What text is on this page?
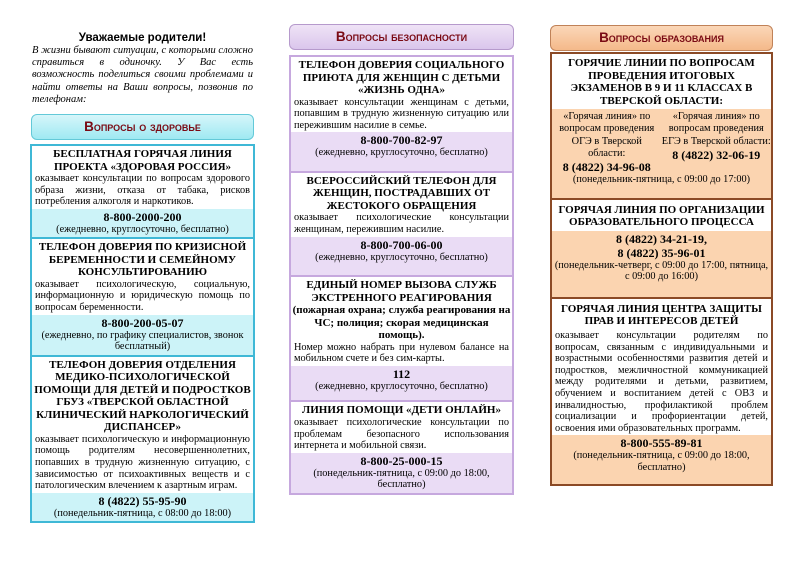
Уважаемые родители!
В жизни бывают ситуации, с которыми сложно справиться в одиночку. У Вас есть возможность поделиться своими проблемами и найти ответы на Ваши вопросы, позвонив по телефонам:
Вопросы о здоровье
БЕСПЛАТНАЯ ГОРЯЧАЯ ЛИНИЯ ПРОЕКТА «ЗДОРОВАЯ РОССИЯ»
оказывает консультации по вопросам здорового образа жизни, отказа от табака, рисков потребления алкоголя и наркотиков.
8-800-2000-200
(ежедневно, круглосуточно, бесплатно)
ТЕЛЕФОН ДОВЕРИЯ ПО КРИЗИСНОЙ БЕРЕМЕННОСТИ И СЕМЕЙНОМУ КОНСУЛЬТИРОВАНИЮ
оказывает психологическую, социальную, информационную и юридическую помощь по вопросам беременности.
8-800-200-05-07
(ежедневно, по графику специалистов, звонок бесплатный)
ТЕЛЕФОН ДОВЕРИЯ ОТДЕЛЕНИЯ МЕДИКО-ПСИХОЛОГИЧЕСКОЙ ПОМОЩИ ДЛЯ ДЕТЕЙ И ПОДРОСТКОВ ГБУЗ «ТВЕРСКОЙ ОБЛАСТНОЙ КЛИНИЧЕСКИЙ НАРКОЛОГИЧЕСКИЙ ДИСПАНСЕР»
оказывает психологическую и информационную помощь родителям несовершеннолетних, попавших в трудную жизненную ситуацию, с зависимостью от психоактивных веществ и с патологическим влечением к азартным играм.
8 (4822) 55-95-90
(понедельник-пятница, с 08:00 до 18:00)
Вопросы безопасности
ТЕЛЕФОН ДОВЕРИЯ СОЦИАЛЬНОГО ПРИЮТА ДЛЯ ЖЕНЩИН С ДЕТЬМИ «ЖИЗНЬ ОДНА»
оказывает консультации женщинам с детьми, попавшим в трудную жизненную ситуацию или пережившим насилие в семье.
8-800-700-82-97
(ежедневно, круглосуточно, бесплатно)
ВСЕРОССИЙСКИЙ ТЕЛЕФОН ДЛЯ ЖЕНЩИН, ПОСТРАДАВШИХ ОТ ЖЕСТОКОГО ОБРАЩЕНИЯ
оказывает психологические консультации женщинам, пережившим насилие.
8-800-700-06-00
(ежедневно, круглосуточно, бесплатно)
ЕДИНЫЙ НОМЕР ВЫЗОВА СЛУЖБ ЭКСТРЕННОГО РЕАГИРОВАНИЯ
(пожарная охрана; служба реагирования на ЧС; полиция; скорая медицинская помощь).
Номер можно набрать при нулевом балансе на мобильном счете и без сим-карты.
112
(ежедневно, круглосуточно, бесплатно)
ЛИНИЯ ПОМОЩИ «ДЕТИ ОНЛАЙН»
оказывает психологические консультации по проблемам безопасного использования интернета и мобильной связи.
8-800-25-000-15
(понедельник-пятница, с 09:00 до 18:00, бесплатно)
Вопросы образования
ГОРЯЧИЕ ЛИНИИ ПО ВОПРОСАМ ПРОВЕДЕНИЯ ИТОГОВЫХ ЭКЗАМЕНОВ В 9 И 11 КЛАССАХ В ТВЕРСКОЙ ОБЛАСТИ:
«Горячая линия» по вопросам проведения ОГЭ в Тверской области:
8 (4822) 34-96-08
«Горячая линия» по вопросам проведения ЕГЭ в Тверской области:
8 (4822) 32-06-19
(понедельник-пятница, с 09:00 до 17:00)
ГОРЯЧАЯ ЛИНИЯ ПО ОРГАНИЗАЦИИ ОБРАЗОВАТЕЛЬНОГО ПРОЦЕССА
8 (4822) 34-21-19,
8 (4822) 35-96-01
(понедельник-четверг, с 09:00 до 17:00, пятница, с 09:00 до 16:00)
ГОРЯЧАЯ ЛИНИЯ ЦЕНТРА ЗАЩИТЫ ПРАВ И ИНТЕРЕСОВ ДЕТЕЙ
оказывает консультации родителям по вопросам, связанным с индивидуальными и возрастными особенностями развития детей и подростков, межличностной коммуникацией между родителями и детьми, развитием, обучением и воспитанием детей с ОВЗ и инвалидностью, профилактикой проблем социализации и профориентации детей, освоения ими образовательных программ.
8-800-555-89-81
(понедельник-пятница, с 09:00 до 18:00, бесплатно)
